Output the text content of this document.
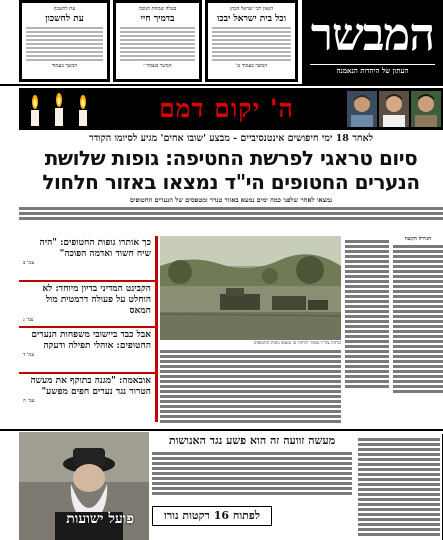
המבשר
העתון של היהדות הנאמנה
הגאון רבי ישראל הכהן
וכל בית ישראל יבכו
המשך בעמוד ט'
בטלה שמחת חנוכה
בדמיך חיי
המשך בעמוד י
עת לחשכון
עת לחשכון
המשך בעמוד
ה' יקום דמם
לאחר 18 ימי חיפושים אינטנסיביים - מבצע 'שובו אחים' מגיע לסיומו הקודר
סיום טראגי לפרשת החטיפה: גופות שלושת
הנערים החטופים הי"ד נמצאו באזור חלחול
נמצאו לאחר שלפני כמה ימים נמצא באזור טנדר ומטפסים של הנערים החטופים
הגזירה הקשה
כוחות צה"ל באזור חלחול בו נמצאו גופות החטופים
כך אותרו גופות החטופים: "היה שיח חשוד ואדמה הפוכה"
עמ' ב
הקבינט המדיני בדיון מיוחד: לא הוחלט על פעולה דרמטית מול חמאס
עמ' ג
אבל כבד ביישובי משפחות הנערים החטופים: אוהלי תפילה ודעקה
עמ' ד
אובאמה: "מגנה בתוקף את מעשה הטרור נגד נערים חפים מפשע"
עמ' ה
פועל ישועות
מעשה זוועה זה הוא פשע נגד האנושות
לפתוח 16 רקטות נורו
